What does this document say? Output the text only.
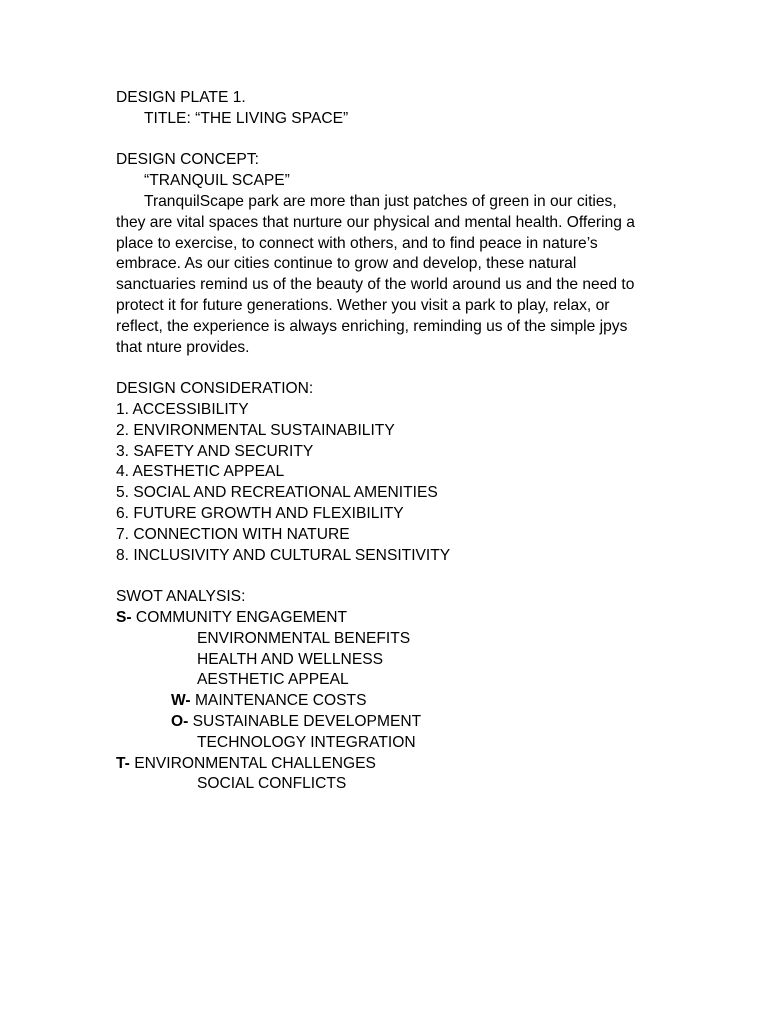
DESIGN PLATE 1.
TITLE: “THE LIVING SPACE”
DESIGN CONCEPT:
“TRANQUIL SCAPE”

TranquilScape park are more than just patches of green in our cities, they are vital spaces that nurture our physical and mental health. Offering a place to exercise, to connect with others, and to find peace in nature’s embrace. As our cities continue to grow and develop, these natural sanctuaries remind us of the beauty of the world around us and the need to protect it for future generations. Wether you visit a park to play, relax, or reflect, the experience is always enriching, reminding us of the simple jpys that nture provides.

DESIGN CONSIDERATION:
1. ACCESSIBILITY
2. ENVIRONMENTAL SUSTAINABILITY
3. SAFETY AND SECURITY
4. AESTHETIC APPEAL
5. SOCIAL AND RECREATIONAL AMENITIES
6. FUTURE GROWTH AND FLEXIBILITY
7. CONNECTION WITH NATURE
8. INCLUSIVITY AND CULTURAL SENSITIVITY
SWOT ANALYSIS:
S- COMMUNITY ENGAGEMENT
ENVIRONMENTAL BENEFITS
HEALTH AND WELLNESS
AESTHETIC APPEAL
W- MAINTENANCE COSTS
O- SUSTAINABLE DEVELOPMENT
TECHNOLOGY INTEGRATION
T- ENVIRONMENTAL CHALLENGES
SOCIAL CONFLICTS
